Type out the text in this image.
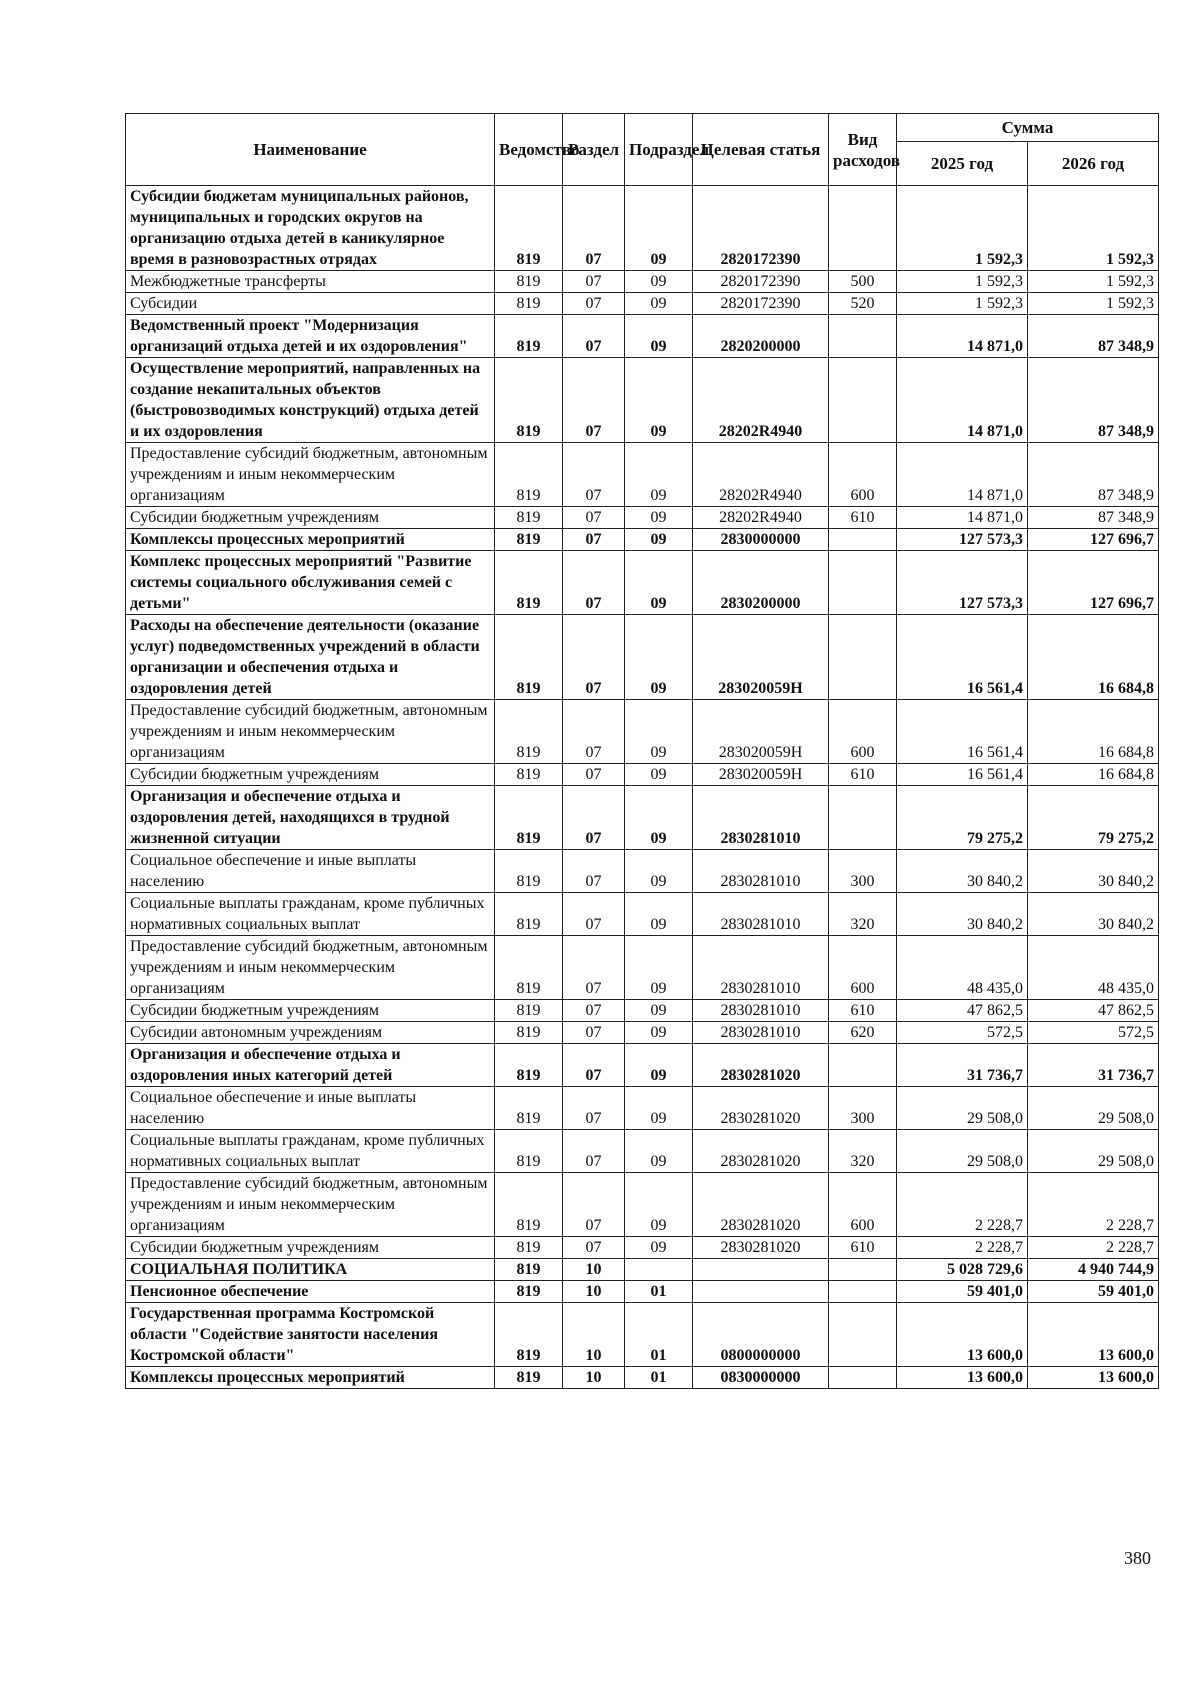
Наименование	Ведомство	Раздел	Подраздел	Целевая статья	Вид расходов	Сумма	
						2025 год	2026 год
Субсидии бюджетам муниципальных районов, муниципальных и городских округов на организацию отдыха детей в каникулярное время в разновозрастных отрядах	819	07	09	2820172390		1 592,3	1 592,3
Межбюджетные трансферты	819	07	09	2820172390	500	1 592,3	1 592,3
Субсидии	819	07	09	2820172390	520	1 592,3	1 592,3
Ведомственный проект "Модернизация организаций отдыха детей и их оздоровления"	819	07	09	2820200000		14 871,0	87 348,9
Осуществление мероприятий, направленных на создание некапитальных объектов (быстровозводимых конструкций) отдыха детей и их оздоровления	819	07	09	28202R4940		14 871,0	87 348,9
Предоставление субсидий бюджетным, автономным учреждениям и иным некоммерческим организациям	819	07	09	28202R4940	600	14 871,0	87 348,9
Субсидии бюджетным учреждениям	819	07	09	28202R4940	610	14 871,0	87 348,9
Комплексы процессных мероприятий	819	07	09	2830000000		127 573,3	127 696,7
Комплекс процессных мероприятий "Развитие системы социального обслуживания семей с детьми"	819	07	09	2830200000		127 573,3	127 696,7
Расходы на обеспечение деятельности (оказание услуг) подведомственных учреждений в области организации и обеспечения отдыха и оздоровления детей	819	07	09	283020059Н		16 561,4	16 684,8
Предоставление субсидий бюджетным, автономным учреждениям и иным некоммерческим организациям	819	07	09	283020059Н	600	16 561,4	16 684,8
Субсидии бюджетным учреждениям	819	07	09	283020059Н	610	16 561,4	16 684,8
Организация и обеспечение отдыха и оздоровления детей, находящихся в трудной жизненной ситуации	819	07	09	2830281010		79 275,2	79 275,2
Социальное обеспечение и иные выплаты населению	819	07	09	2830281010	300	30 840,2	30 840,2
Социальные выплаты гражданам, кроме публичных нормативных социальных выплат	819	07	09	2830281010	320	30 840,2	30 840,2
Предоставление субсидий бюджетным, автономным учреждениям и иным некоммерческим организациям	819	07	09	2830281010	600	48 435,0	48 435,0
Субсидии бюджетным учреждениям	819	07	09	2830281010	610	47 862,5	47 862,5
Субсидии автономным учреждениям	819	07	09	2830281010	620	572,5	572,5
Организация и обеспечение отдыха и оздоровления иных категорий детей	819	07	09	2830281020		31 736,7	31 736,7
Социальное обеспечение и иные выплаты населению	819	07	09	2830281020	300	29 508,0	29 508,0
Социальные выплаты гражданам, кроме публичных нормативных социальных выплат	819	07	09	2830281020	320	29 508,0	29 508,0
Предоставление субсидий бюджетным, автономным учреждениям и иным некоммерческим организациям	819	07	09	2830281020	600	2 228,7	2 228,7
Субсидии бюджетным учреждениям	819	07	09	2830281020	610	2 228,7	2 228,7
СОЦИАЛЬНАЯ ПОЛИТИКА	819	10				5 028 729,6	4 940 744,9
Пенсионное обеспечение	819	10	01			59 401,0	59 401,0
Государственная программа Костромской области "Содействие занятости населения Костромской области"	819	10	01	0800000000		13 600,0	13 600,0
Комплексы процессных мероприятий	819	10	01	0830000000		13 600,0	13 600,0
380
